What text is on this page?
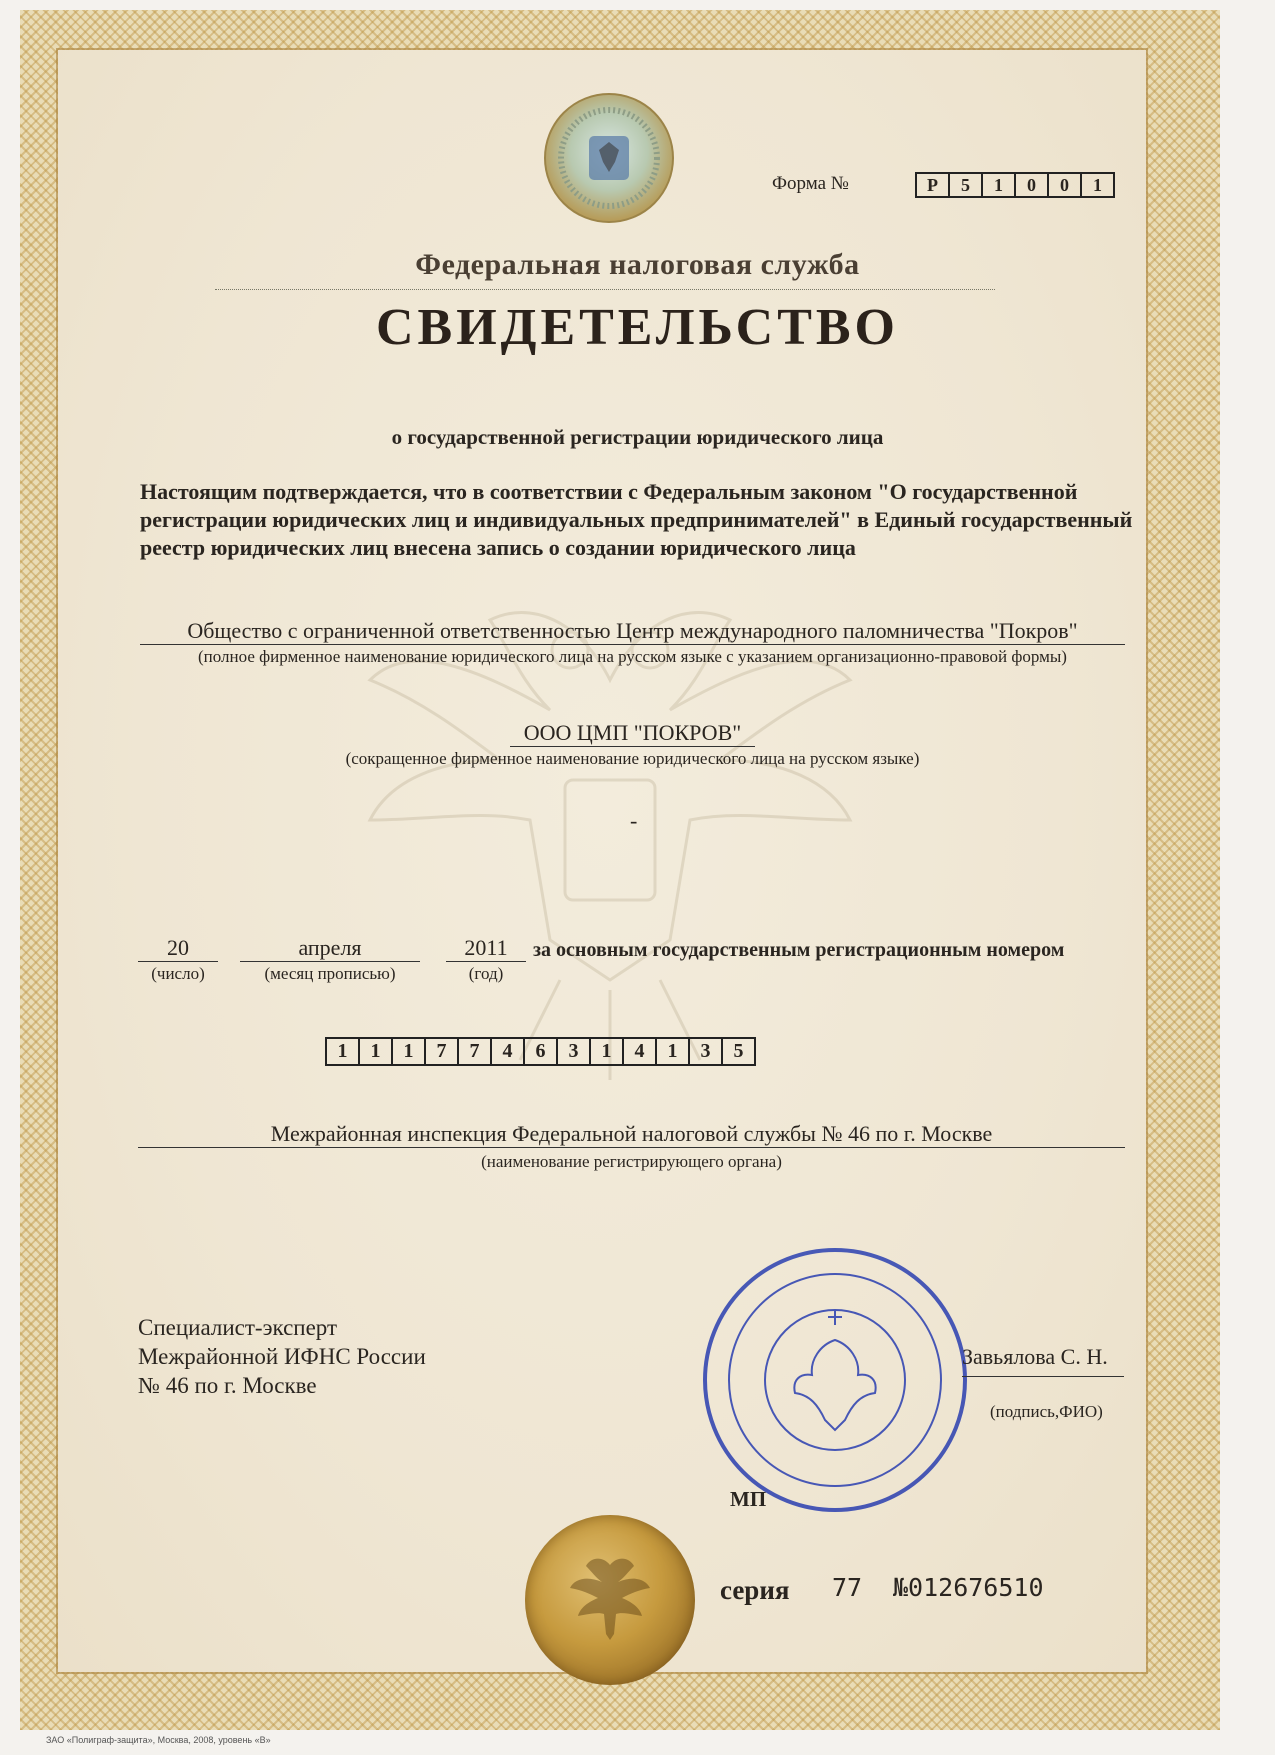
Форма №	Р	5	1	0	0	1
Федеральная налоговая служба
СВИДЕТЕЛЬСТВО
о государственной регистрации юридического лица
Настоящим подтверждается, что в соответствии с Федеральным законом "О государственной регистрации юридических лиц и индивидуальных предпринимателей" в Единый государственный реестр юридических лиц внесена запись о создании юридического лица
Общество с ограниченной ответственностью Центр международного паломничества "Покров"
(полное фирменное наименование юридического лица на русском языке с указанием организационно-правовой формы)
ООО ЦМП "ПОКРОВ"
(сокращенное фирменное наименование юридического лица на русском языке)
-
20	апреля	2011
(число)	(месяц прописью)	(год)
за основным государственным регистрационным номером
1	1	1	7	7	4	6	3	1	4	1	3	5
Межрайонная инспекция Федеральной налоговой службы № 46 по г. Москве
(наименование регистрирующего органа)
Специалист-эксперт
Межрайонной ИФНС России
№ 46 по г. Москве
Завьялова С. Н.
(подпись,ФИО)
МП
серия 77 №012676510
ЗАО «Полиграф-защита», Москва, 2008, уровень «В»
